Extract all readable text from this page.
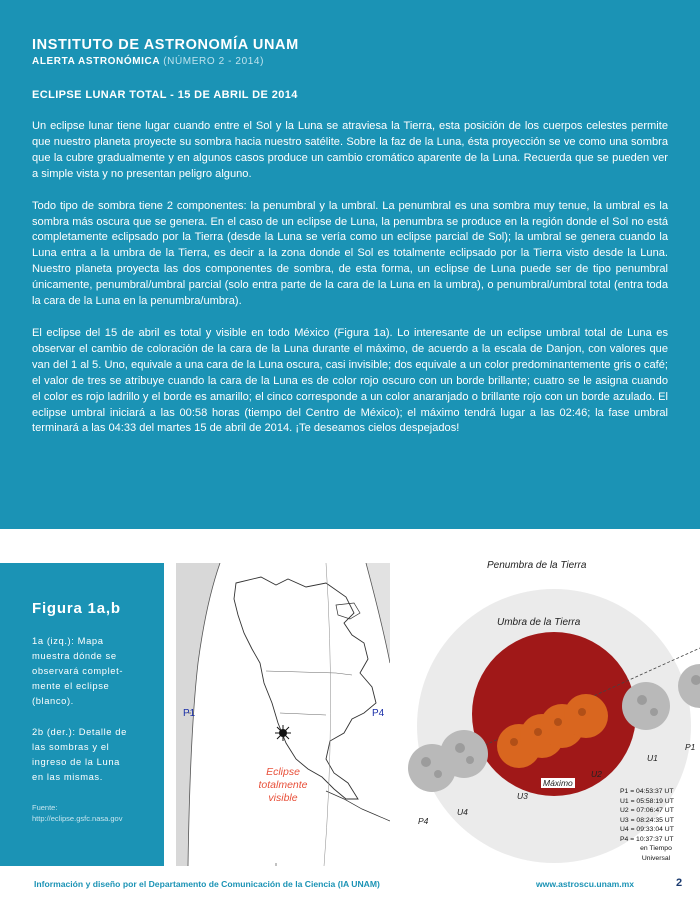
INSTITUTO DE ASTRONOMÍA UNAM
ALERTA ASTRONÓMICA (NÚMERO 2 - 2014)
ECLIPSE LUNAR TOTAL - 15 DE ABRIL DE 2014

Un eclipse lunar tiene lugar cuando entre el Sol y la Luna se atraviesa la Tierra, esta posición de los cuerpos celestes permite que nuestro planeta proyecte su sombra hacia nuestro satélite. Sobre la faz de la Luna, ésta proyección se ve como una sombra que la cubre gradualmente y en algunos casos produce un cambio cromático aparente de la Luna. Recuerda que se pueden ver a simple vista y no presentan peligro alguno.

Todo tipo de sombra tiene 2 componentes: la penumbral y la umbral. La penumbral es una sombra muy tenue, la umbral es la sombra más oscura que se genera. En el caso de un eclipse de Luna, la penumbra se produce en la región donde el Sol no está completamente eclipsado por la Tierra (desde la Luna se vería como un eclipse parcial de Sol); la umbral se genera cuando la Luna entra a la umbra de la Tierra, es decir a la zona donde el Sol es totalmente eclipsado por la Tierra visto desde la Luna. Nuestro planeta proyecta las dos componentes de sombra, de esta forma, un eclipse de Luna puede ser de tipo penumbral únicamente, penumbral/umbral parcial (solo entra parte de la cara de la Luna en la umbra), o penumbral/umbral total (entra toda la cara de la Luna en la penumbra/umbra).

El eclipse del 15 de abril es total y visible en todo México (Figura 1a). Lo interesante de un eclipse umbral total de Luna es observar el cambio de coloración de la cara de la Luna durante el máximo, de acuerdo a la escala de Danjon, con valores que van del 1 al 5. Uno, equivale a una cara de la Luna oscura, casi invisible; dos equivale a un color predominantemente gris o café; el valor de tres se atribuye cuando la cara de la Luna es de color rojo oscuro con un borde brillante; cuatro se le asigna cuando el color es rojo ladrillo y el borde es amarillo; el cinco corresponde a un color anaranjado o brillante rojo con un borde azulado. El eclipse umbral iniciará a las 00:58 horas (tiempo del Centro de México); el máximo tendrá lugar a las 02:46; la fase umbral terminará a las 04:33 del martes 15 de abril de 2014. ¡Te deseamos cielos despejados!

Figura 1a,b
1a (izq.): Mapa muestra dónde se observará complet- mente el eclipse (blanco).
2b (der.): Detalle de las sombras y el ingreso de la Luna en las mismas.
Fuente:
http://eclipse.gsfc.nasa.gov
P1	P4
Eclipse
totalmente
visible
Penumbra de la Tierra
Umbra de la Tierra
Máximo
U1
U2
U3
U4
P1
P4
P1 = 04:53:37 UT
U1 = 05:58:19 UT
U2 = 07:06:47 UT
U3 = 08:24:35 UT
U4 = 09:33:04 UT
P4 = 10:37:37 UT
en Tiempo
Universal
Información y diseño por el Departamento de Comunicación de la Ciencia (IA UNAM)	www.astroscu.unam.mx	2
